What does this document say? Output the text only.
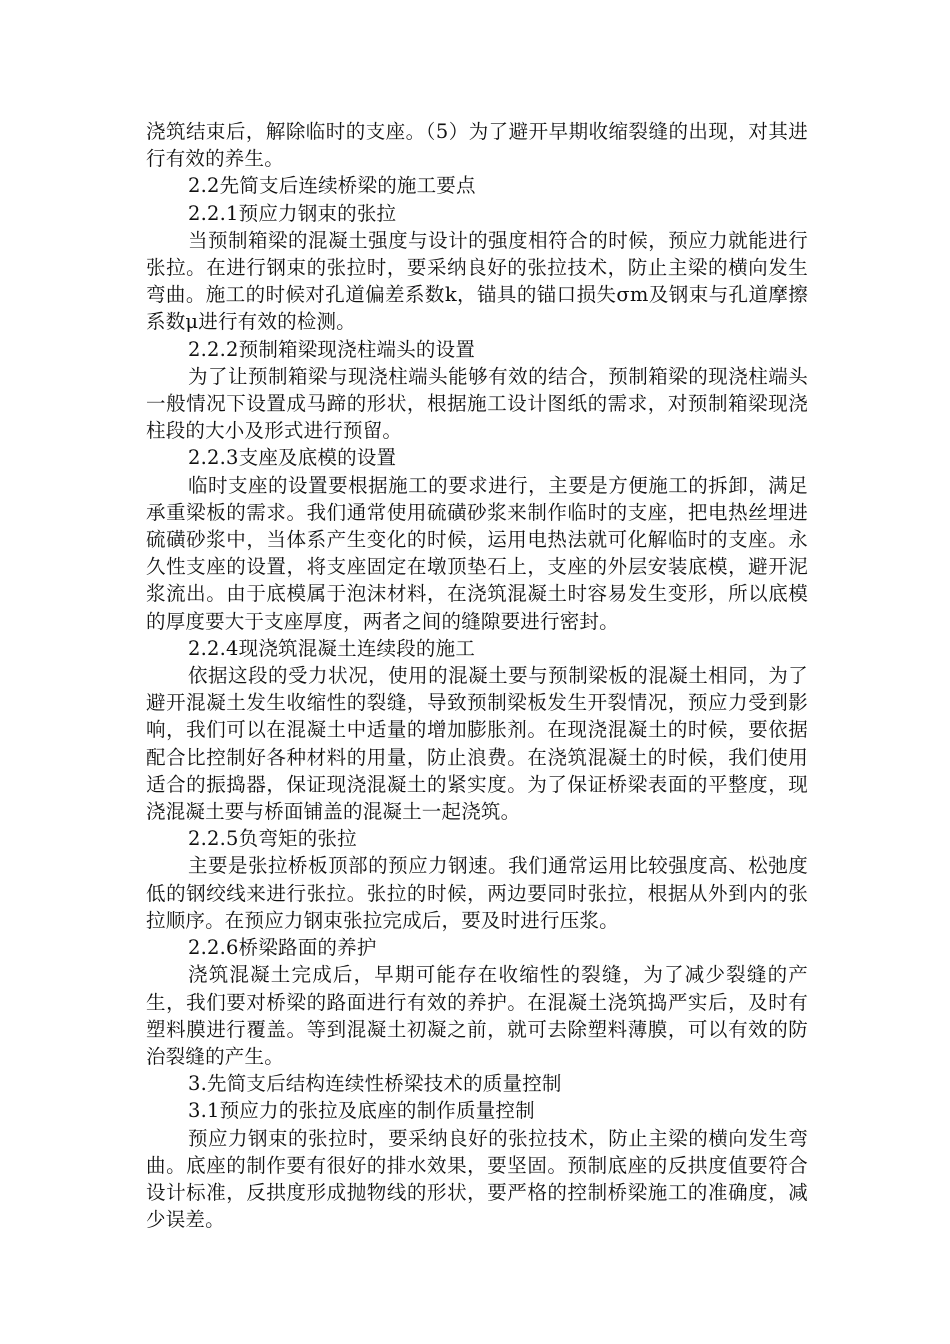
浇筑结束后，解除临时的支座。（5）为了避开早期收缩裂缝的出现，对其进行有效的养生。

2.2先简支后连续桥梁的施工要点

2.2.1预应力钢束的张拉

当预制箱梁的混凝土强度与设计的强度相符合的时候，预应力就能进行张拉。在进行钢束的张拉时，要采纳良好的张拉技术，防止主梁的横向发生弯曲。施工的时候对孔道偏差系数k，锚具的锚口损失σm及钢束与孔道摩擦系数μ进行有效的检测。

2.2.2预制箱梁现浇柱端头的设置

为了让预制箱梁与现浇柱端头能够有效的结合，预制箱梁的现浇柱端头一般情况下设置成马蹄的形状，根据施工设计图纸的需求，对预制箱梁现浇柱段的大小及形式进行预留。

2.2.3支座及底模的设置

临时支座的设置要根据施工的要求进行，主要是方便施工的拆卸，满足承重梁板的需求。我们通常使用硫磺砂浆来制作临时的支座，把电热丝埋进硫磺砂浆中，当体系产生变化的时候，运用电热法就可化解临时的支座。永久性支座的设置，将支座固定在墩顶垫石上，支座的外层安装底模，避开泥浆流出。由于底模属于泡沫材料，在浇筑混凝土时容易发生变形，所以底模的厚度要大于支座厚度，两者之间的缝隙要进行密封。

2.2.4现浇筑混凝土连续段的施工

依据这段的受力状况，使用的混凝土要与预制梁板的混凝土相同，为了避开混凝土发生收缩性的裂缝，导致预制梁板发生开裂情况，预应力受到影响，我们可以在混凝土中适量的增加膨胀剂。在现浇混凝土的时候，要依据配合比控制好各种材料的用量，防止浪费。在浇筑混凝土的时候，我们使用适合的振捣器，保证现浇混凝土的紧实度。为了保证桥梁表面的平整度，现浇混凝土要与桥面铺盖的混凝土一起浇筑。

2.2.5负弯矩的张拉

主要是张拉桥板顶部的预应力钢速。我们通常运用比较强度高、松弛度低的钢绞线来进行张拉。张拉的时候，两边要同时张拉，根据从外到内的张拉顺序。在预应力钢束张拉完成后，要及时进行压浆。

2.2.6桥梁路面的养护

浇筑混凝土完成后，早期可能存在收缩性的裂缝，为了减少裂缝的产生，我们要对桥梁的路面进行有效的养护。在混凝土浇筑捣严实后，及时有塑料膜进行覆盖。等到混凝土初凝之前，就可去除塑料薄膜，可以有效的防治裂缝的产生。

3.先简支后结构连续性桥梁技术的质量控制

3.1预应力的张拉及底座的制作质量控制

预应力钢束的张拉时，要采纳良好的张拉技术，防止主梁的横向发生弯曲。底座的制作要有很好的排水效果，要坚固。预制底座的反拱度值要符合设计标准，反拱度形成抛物线的形状，要严格的控制桥梁施工的准确度，减少误差。
